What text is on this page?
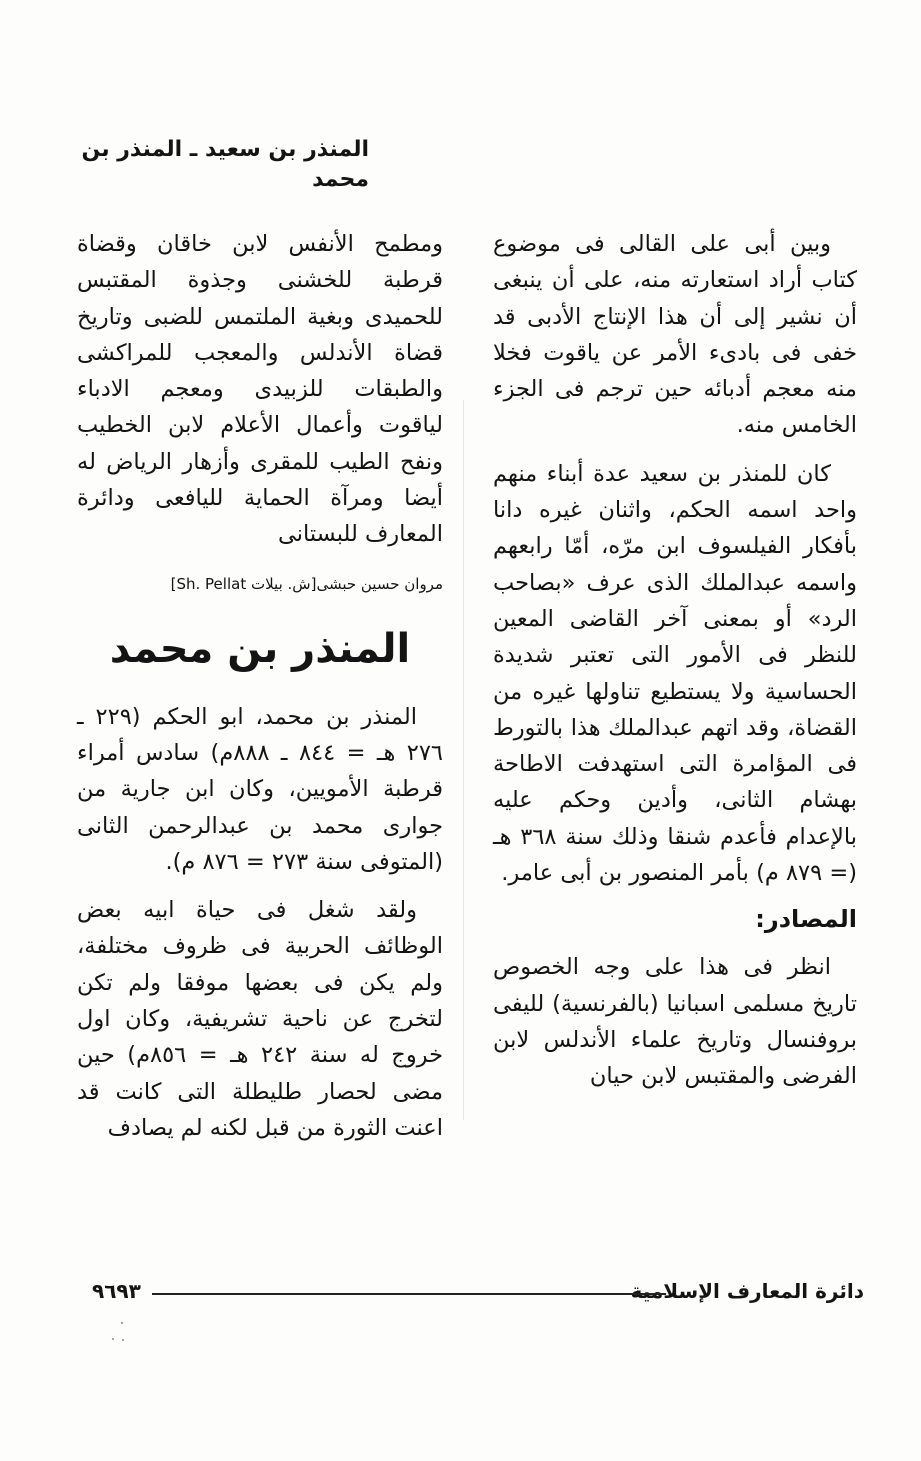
المنذر بن سعيد ـ المنذر بن محمد

وبين أبى على القالى فى موضوع كتاب أراد استعارته منه، على أن ينبغى أن نشير إلى أن هذا الإنتاج الأدبى قد خفى فى بادىء الأمر عن ياقوت فخلا منه معجم أدبائه حين ترجم فى الجزء الخامس منه.

كان للمنذر بن سعيد عدة أبناء منهم واحد اسمه الحكم، واثنان غيره دانا بأفكار الفيلسوف ابن مرّه، أمّا رابعهم واسمه عبدالملك الذى عرف «بصاحب الرد» أو بمعنى آخر القاضى المعين للنظر فى الأمور التى تعتبر شديدة الحساسية ولا يستطيع تناولها غيره من القضاة، وقد اتهم عبدالملك هذا بالتورط فى المؤامرة التى استهدفت الاطاحة بهشام الثانى، وأدين وحكم عليه بالإعدام فأعدم شنقا وذلك سنة ٣٦٨ هـ (= ٨٧٩ م) بأمر المنصور بن أبى عامر.

المصادر:

انظر فى هذا على وجه الخصوص تاريخ مسلمى اسبانيا (بالفرنسية) لليفى بروفنسال وتاريخ علماء الأندلس لابن الفرضى والمقتبس لابن حيان

ومطمح الأنفس لابن خاقان وقضاة قرطبة للخشنى وجذوة المقتبس للحميدى وبغية الملتمس للضبى وتاريخ قضاة الأندلس والمعجب للمراكشى والطبقات للزبيدى ومعجم الادباء لياقوت وأعمال الأعلام لابن الخطيب ونفح الطيب للمقرى وأزهار الرياض له أيضا ومرآة الحماية لليافعى ودائرة المعارف للبستانى

مروان حسين حبشى[ش. بيلات Sh. Pellat]
المنذر بن محمد

المنذر بن محمد، ابو الحكم (٢٢٩ ـ ٢٧٦ هـ = ٨٤٤ ـ ٨٨٨م) سادس أمراء قرطبة الأمويين، وكان ابن جارية من جوارى محمد بن عبدالرحمن الثانى (المتوفى سنة ٢٧٣ = ٨٧٦ م).

ولقد شغل فى حياة ابيه بعض الوظائف الحربية فى ظروف مختلفة، ولم يكن فى بعضها موفقا ولم تكن لتخرج عن ناحية تشريفية، وكان اول خروج له سنة ٢٤٢ هـ = ٨٥٦م) حين مضى لحصار طليطلة التى كانت قد اعنت الثورة من قبل لكنه لم يصادف

دائرة المعارف الإسلامية
٩٦٩٣
